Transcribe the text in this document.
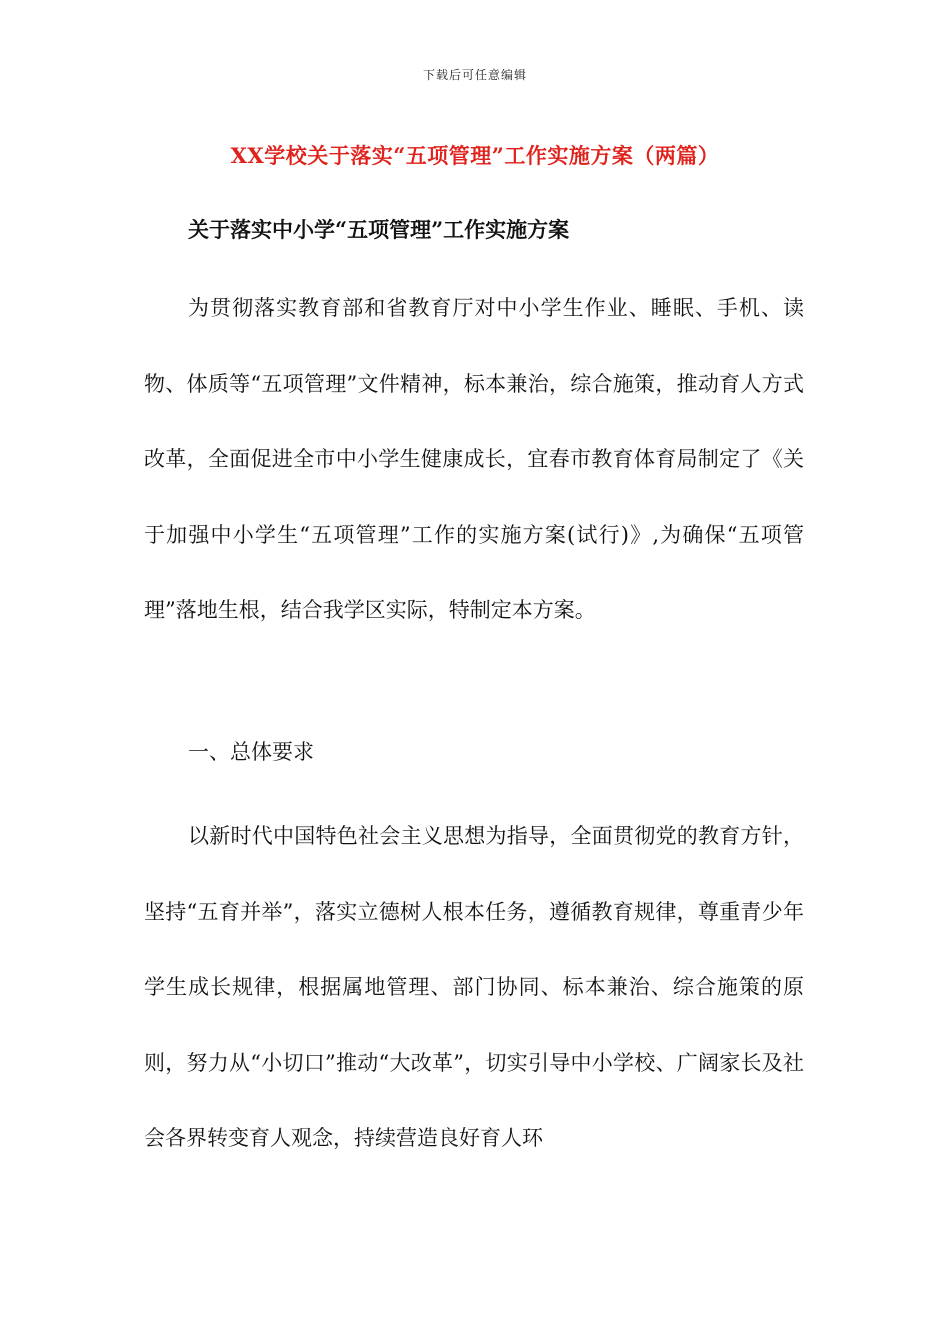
下载后可任意编辑
XX学校关于落实“五项管理”工作实施方案（两篇）
关于落实中小学“五项管理”工作实施方案

为贯彻落实教育部和省教育厅对中小学生作业、睡眠、手机、读物、体质等“五项管理”文件精神，标本兼治，综合施策，推动育人方式改革，全面促进全市中小学生健康成长，宜春市教育体育局制定了《关于加强中小学生“五项管理”工作的实施方案(试行)》,为确保“五项管理”落地生根，结合我学区实际，特制定本方案。

一、总体要求

以新时代中国特色社会主义思想为指导，全面贯彻党的教育方针，坚持“五育并举”，落实立德树人根本任务，遵循教育规律，尊重青少年学生成长规律，根据属地管理、部门协同、标本兼治、综合施策的原则，努力从“小切口”推动“大改革”，切实引导中小学校、广阔家长及社会各界转变育人观念，持续营造良好育人环
